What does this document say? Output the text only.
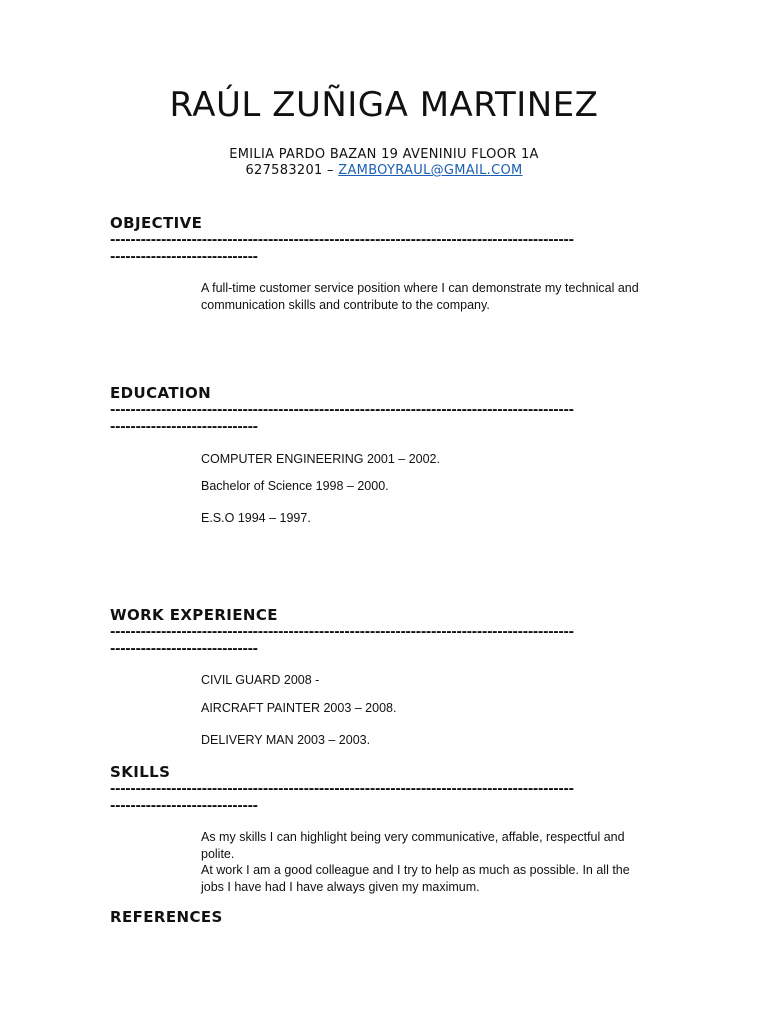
RAÚL ZUÑIGA MARTINEZ
EMILIA PARDO BAZAN 19 AVENINIU FLOOR 1A
627583201 – ZAMBOYRAUL@GMAIL.COM
OBJECTIVE
-------------------------------------------------------------------------------------------
-----------------------------
A full-time customer service position where I can demonstrate my technical and communication skills and contribute to the company.
EDUCATION
-------------------------------------------------------------------------------------------
-----------------------------
COMPUTER ENGINEERING 2001 – 2002.
Bachelor of Science 1998 – 2000.
E.S.O 1994 – 1997.
WORK EXPERIENCE
-------------------------------------------------------------------------------------------
-----------------------------
CIVIL GUARD 2008 -
AIRCRAFT PAINTER 2003 – 2008.
DELIVERY MAN 2003 – 2003.
SKILLS
-------------------------------------------------------------------------------------------
-----------------------------
As my skills I can highlight being very communicative, affable, respectful and polite.
At work I am a good colleague and I try to help as much as possible. In all the jobs I have had I have always given my maximum.
REFERENCES
